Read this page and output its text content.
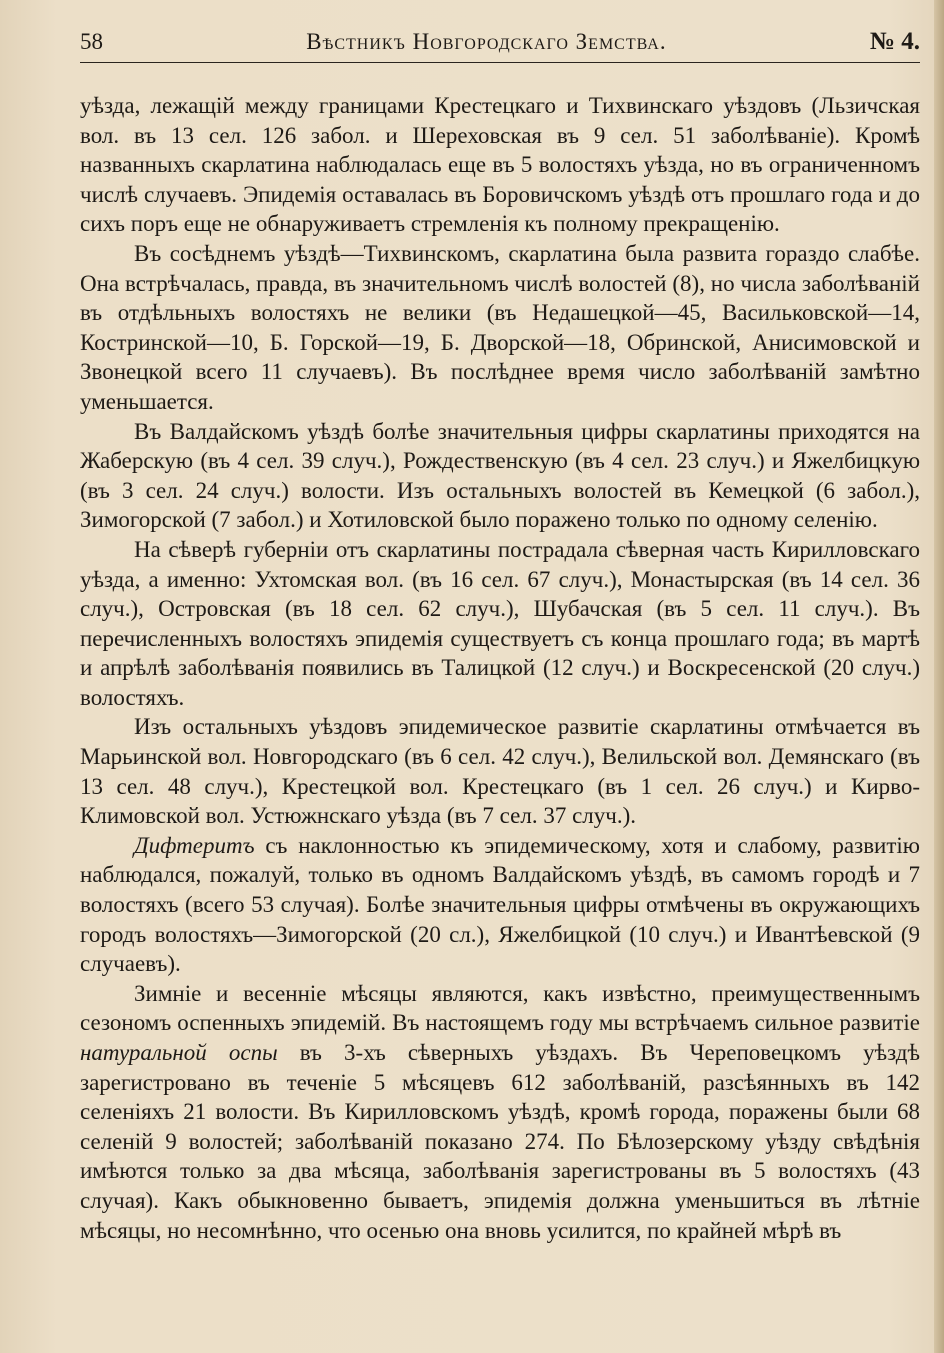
58	Вѣстникъ Новгородскаго Земства.	№ 4.

уѣзда, лежащій между границами Крестецкаго и Тихвинскаго уѣздовъ (Льзичская вол. въ 13 сел. 126 забол. и Шереховская въ 9 сел. 51 заболѣваніе). Кромѣ названныхъ скарлатина наблюдалась еще въ 5 волостяхъ уѣзда, но въ ограниченномъ числѣ случаевъ. Эпидемія оставалась въ Боровичскомъ уѣздѣ отъ прошлаго года и до сихъ поръ еще не обнаруживаетъ стремленія къ полному прекращенію.

Въ сосѣднемъ уѣздѣ—Тихвинскомъ, скарлатина была развита гораздо слабѣе. Она встрѣчалась, правда, въ значительномъ числѣ волостей (8), но числа заболѣваній въ отдѣльныхъ волостяхъ не велики (въ Недашецкой—45, Васильковской—14, Костринской—10, Б. Горской—19, Б. Дворской—18, Обринской, Анисимовской и Звонецкой всего 11 случаевъ). Въ послѣднее время число заболѣваній замѣтно уменьшается.

Въ Валдайскомъ уѣздѣ болѣе значительныя цифры скарлатины приходятся на Жаберскую (въ 4 сел. 39 случ.), Рождественскую (въ 4 сел. 23 случ.) и Яжелбицкую (въ 3 сел. 24 случ.) волости. Изъ остальныхъ волостей въ Кемецкой (6 забол.), Зимогорской (7 забол.) и Хотиловской было поражено только по одному селенію.

На сѣверѣ губерніи отъ скарлатины пострадала сѣверная часть Кирилловскаго уѣзда, а именно: Ухтомская вол. (въ 16 сел. 67 случ.), Монастырская (въ 14 сел. 36 случ.), Островская (въ 18 сел. 62 случ.), Шубачская (въ 5 сел. 11 случ.). Въ перечисленныхъ волостяхъ эпидемія существуетъ съ конца прошлаго года; въ мартѣ и апрѣлѣ заболѣванія появились въ Талицкой (12 случ.) и Воскресенской (20 случ.) волостяхъ.

Изъ остальныхъ уѣздовъ эпидемическое развитіе скарлатины отмѣчается въ Марьинской вол. Новгородскаго (въ 6 сел. 42 случ.), Велильской вол. Демянскаго (въ 13 сел. 48 случ.), Крестецкой вол. Крестецкаго (въ 1 сел. 26 случ.) и Кирво-Климовской вол. Устюжнскаго уѣзда (въ 7 сел. 37 случ.).

Дифтеритъ съ наклонностью къ эпидемическому, хотя и слабому, развитію наблюдался, пожалуй, только въ одномъ Валдайскомъ уѣздѣ, въ самомъ городѣ и 7 волостяхъ (всего 53 случая). Болѣе значительныя цифры отмѣчены въ окружающихъ городъ волостяхъ—Зимогорской (20 сл.), Яжелбицкой (10 случ.) и Ивантѣевской (9 случаевъ).

Зимніе и весенніе мѣсяцы являются, какъ извѣстно, преимущественнымъ сезономъ оспенныхъ эпидемій. Въ настоящемъ году мы встрѣчаемъ сильное развитіе натуральной оспы въ 3-хъ сѣверныхъ уѣздахъ. Въ Череповецкомъ уѣздѣ зарегистровано въ теченіе 5 мѣсяцевъ 612 заболѣваній, разсѣянныхъ въ 142 селеніяхъ 21 волости. Въ Кирилловскомъ уѣздѣ, кромѣ города, поражены были 68 селеній 9 волостей; заболѣваній показано 274. По Бѣлозерскому уѣзду свѣдѣнія имѣются только за два мѣсяца, заболѣванія зарегистрованы въ 5 волостяхъ (43 случая). Какъ обыкновенно бываетъ, эпидемія должна уменьшиться въ лѣтніе мѣсяцы, но несомнѣнно, что осенью она вновь усилится, по крайней мѣрѣ въ
